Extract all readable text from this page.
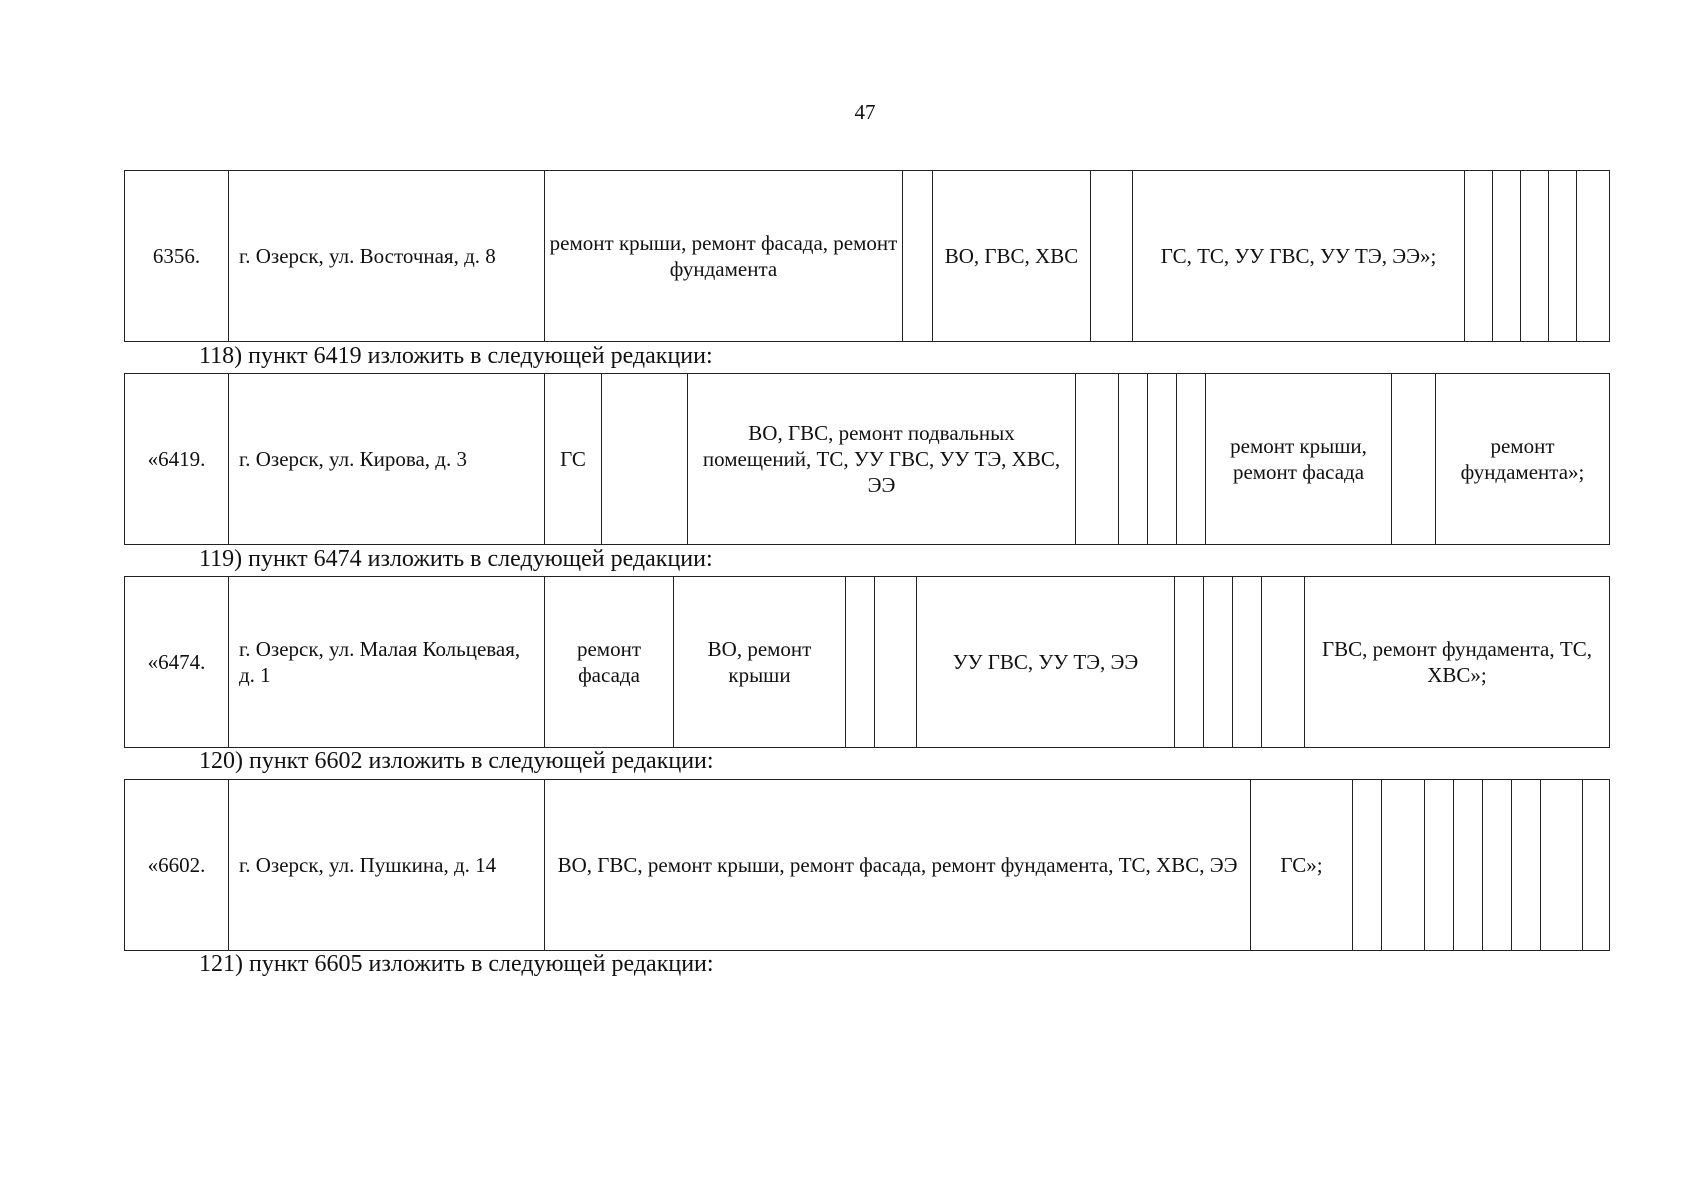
47
6356.	г. Озерск, ул. Восточная, д. 8	ремонт крыши, ремонт фасада, ремонт фундамента		ВО, ГВС, ХВС		ГС, ТС, УУ ГВС, УУ ТЭ, ЭЭ»;					
118) пункт 6419 изложить в следующей редакции:
«6419.	г. Озерск, ул. Кирова, д. 3	ГС		ВО, ГВС, ремонт подвальных помещений, ТС, УУ ГВС, УУ ТЭ, ХВС, ЭЭ					ремонт крыши, ремонт фасада		ремонт фундамента»;
119) пункт 6474 изложить в следующей редакции:
«6474.	г. Озерск, ул. Малая Кольцевая, д. 1	ремонт фасада	ВО, ремонт крыши			УУ ГВС, УУ ТЭ, ЭЭ					ГВС, ремонт фундамента, ТС, ХВС»;
120) пункт 6602 изложить в следующей редакции:
«6602.	г. Озерск, ул. Пушкина, д. 14	ВО, ГВС, ремонт крыши, ремонт фасада, ремонт фундамента, ТС, ХВС, ЭЭ	ГС»;								
121) пункт 6605 изложить в следующей редакции:
